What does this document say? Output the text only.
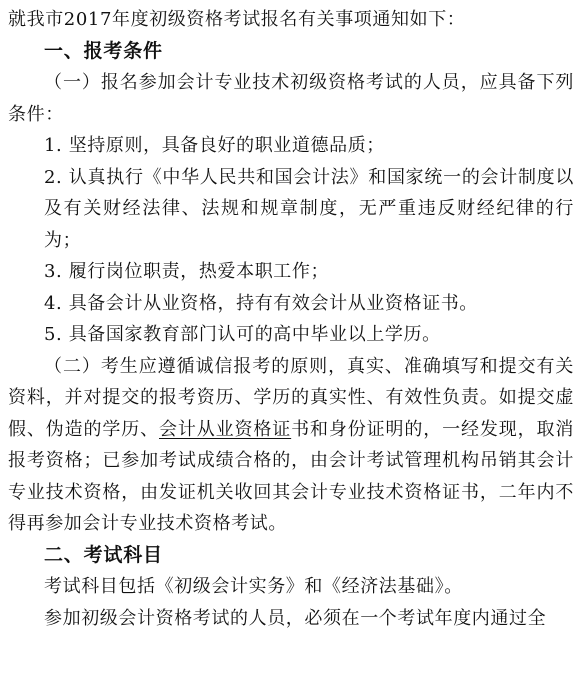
就我市2017年度初级资格考试报名有关事项通知如下：

一、报考条件

（一）报名参加会计专业技术初级资格考试的人员，应具备下列条件：

1. 坚持原则，具备良好的职业道德品质；

2. 认真执行《中华人民共和国会计法》和国家统一的会计制度以及有关财经法律、法规和规章制度，无严重违反财经纪律的行为；

3. 履行岗位职责，热爱本职工作；

4. 具备会计从业资格，持有有效会计从业资格证书。

5. 具备国家教育部门认可的高中毕业以上学历。

（二）考生应遵循诚信报考的原则，真实、准确填写和提交有关资料，并对提交的报考资历、学历的真实性、有效性负责。如提交虚假、伪造的学历、会计从业资格证书和身份证明的，一经发现，取消报考资格；已参加考试成绩合格的，由会计考试管理机构吊销其会计专业技术资格，由发证机关收回其会计专业技术资格证书，二年内不得再参加会计专业技术资格考试。

二、考试科目

考试科目包括《初级会计实务》和《经济法基础》。

参加初级会计资格考试的人员，必须在一个考试年度内通过全
